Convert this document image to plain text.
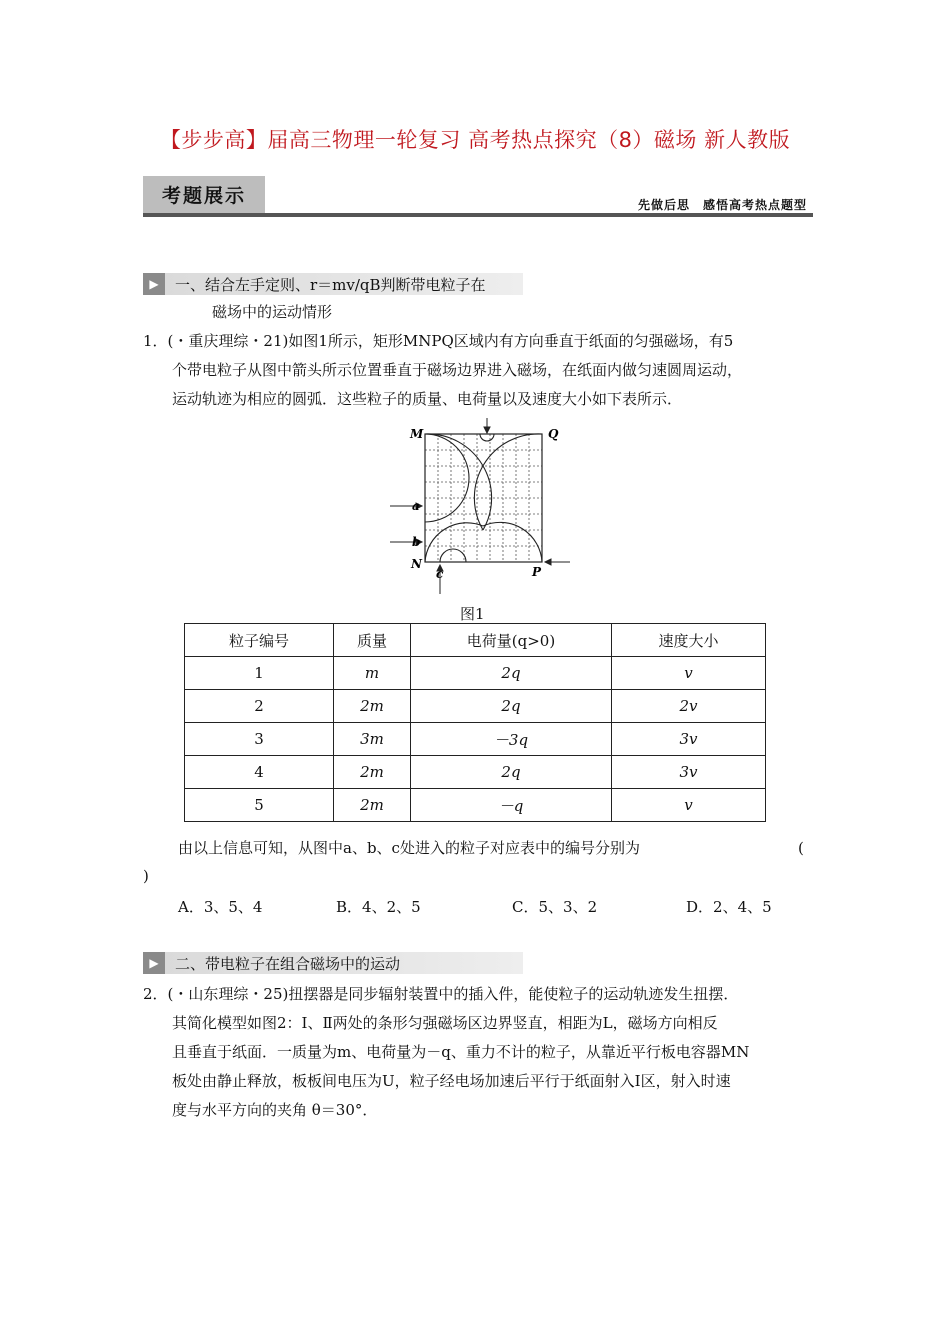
【步步高】届高三物理一轮复习 高考热点探究（8）磁场 新人教版
考题展示	先做后思　感悟高考热点题型
▶	一、结合左手定则、r＝mv/qB判断带电粒子在
磁场中的运动情形
1．(・重庆理综・21)如图1所示，矩形MNPQ区域内有方向垂直于纸面的匀强磁场，有5
个带电粒子从图中箭头所示位置垂直于磁场边界进入磁场，在纸面内做匀速圆周运动，
运动轨迹为相应的圆弧．这些粒子的质量、电荷量以及速度大小如下表所示．
M	Q
N
P
a
b
c
图1
粒子编号	质量	电荷量(q>0)	速度大小
1	m	2q	v
2	2m	2q	2v
3	3m	－3q	3v
4	2m	2q	3v
5	2m	－q	v
由以上信息可知，从图中a、b、c处进入的粒子对应表中的编号分别为	(
)
A．3、5、4	B．4、2、5	C．5、3、2	D．2、4、5
▶	二、带电粒子在组合磁场中的运动
2．(・山东理综・25)扭摆器是同步辐射装置中的插入件，能使粒子的运动轨迹发生扭摆．
其简化模型如图2：Ⅰ、Ⅱ两处的条形匀强磁场区边界竖直，相距为L，磁场方向相反
且垂直于纸面．一质量为m、电荷量为－q、重力不计的粒子，从靠近平行板电容器MN
板处由静止释放，板板间电压为U，粒子经电场加速后平行于纸面射入Ⅰ区，射入时速
度与水平方向的夹角 θ＝30°．
